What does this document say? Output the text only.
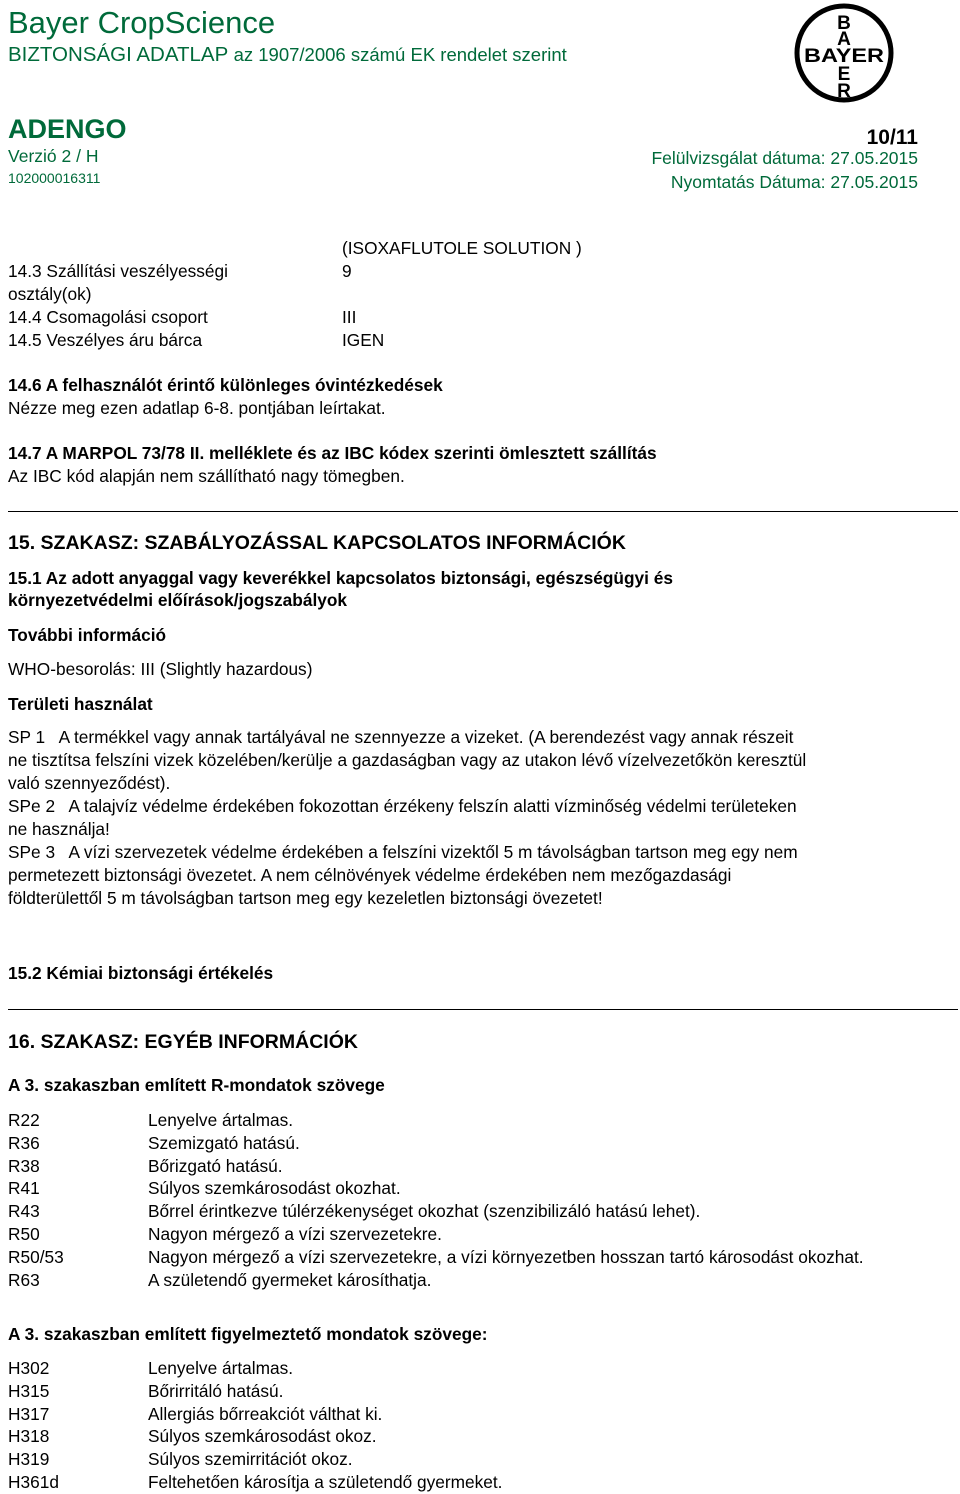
Bayer CropScience
BIZTONSÁGI ADATLAP az 1907/2006 számú EK rendelet szerint
ADENGO
Verzió 2 / H
102000016311
10/11
Felülvizsgálat dátuma: 27.05.2015
Nyomtatás Dátuma: 27.05.2015
B
A
BAYER
E
R
(ISOXAFLUTOLE SOLUTION )
14.3 Szállítási veszélyességi
osztály(ok)
9
14.4 Csomagolási csoport	III
14.5 Veszélyes áru bárca	IGEN
14.6 A felhasználót érintő különleges óvintézkedések
Nézze meg ezen adatlap 6-8. pontjában leírtakat.
14.7 A MARPOL 73/78 II. melléklete és az IBC kódex szerinti ömlesztett szállítás
Az IBC kód alapján nem szállítható nagy tömegben.
15. SZAKASZ: SZABÁLYOZÁSSAL KAPCSOLATOS INFORMÁCIÓK
15.1 Az adott anyaggal vagy keverékkel kapcsolatos biztonsági, egészségügyi és
környezetvédelmi előírások/jogszabályok
További információ
WHO-besorolás: III (Slightly hazardous)
Területi használat
SP 1   A termékkel vagy annak tartályával ne szennyezze a vizeket. (A berendezést vagy annak részeit
ne tisztítsa felszíni vizek közelében/kerülje a gazdaságban vagy az utakon lévő vízelvezetőkön keresztül
való szennyeződést).
SPe 2   A talajvíz védelme érdekében fokozottan érzékeny felszín alatti vízminőség védelmi területeken
ne használja!
SPe 3   A vízi szervezetek védelme érdekében a felszíni vizektől 5 m távolságban tartson meg egy nem
permetezett biztonsági övezetet. A nem célnövények védelme érdekében nem mezőgazdasági
földterülettől 5 m távolságban tartson meg egy kezeletlen biztonsági övezetet!
15.2 Kémiai biztonsági értékelés
16. SZAKASZ: EGYÉB INFORMÁCIÓK
A 3. szakaszban említett R-mondatok szövege
R22	Lenyelve ártalmas.
R36	Szemizgató hatású.
R38	Bőrizgató hatású.
R41	Súlyos szemkárosodást okozhat.
R43	Bőrrel érintkezve túlérzékenységet okozhat (szenzibilizáló hatású lehet).
R50	Nagyon mérgező a vízi szervezetekre.
R50/53	Nagyon mérgező a vízi szervezetekre, a vízi környezetben hosszan tartó károsodást okozhat.
R63	A születendő gyermeket károsíthatja.
A 3. szakaszban említett figyelmeztető mondatok szövege:
H302	Lenyelve ártalmas.
H315	Bőrirritáló hatású.
H317	Allergiás bőrreakciót válthat ki.
H318	Súlyos szemkárosodást okoz.
H319	Súlyos szemirritációt okoz.
H361d	Feltehetően károsítja a születendő gyermeket.
